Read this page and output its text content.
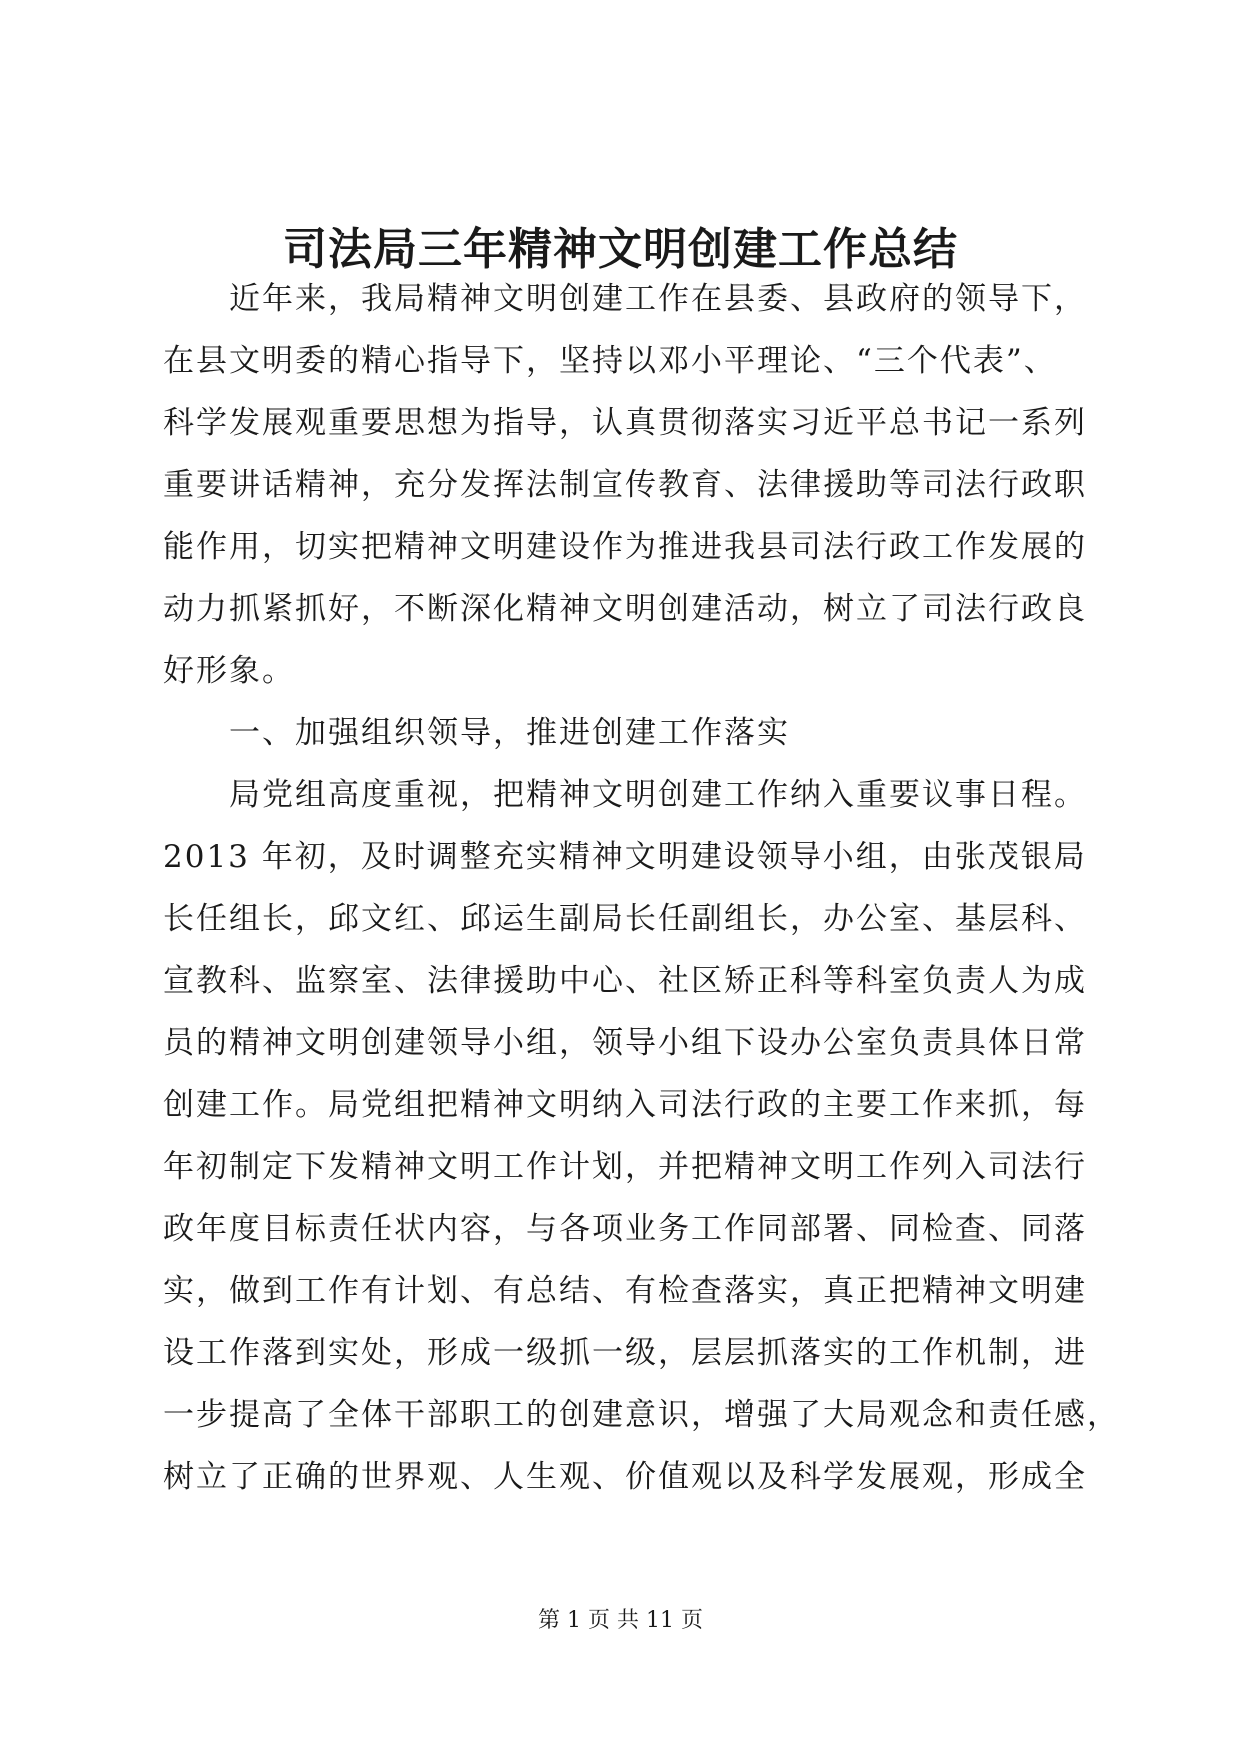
司法局三年精神文明创建工作总结
　　近年来，我局精神文明创建工作在县委、县政府的领导下，
在县文明委的精心指导下，坚持以邓小平理论、“三个代表”、
科学发展观重要思想为指导，认真贯彻落实习近平总书记一系列
重要讲话精神，充分发挥法制宣传教育、法律援助等司法行政职
能作用，切实把精神文明建设作为推进我县司法行政工作发展的
动力抓紧抓好，不断深化精神文明创建活动，树立了司法行政良
好形象。
　　一、加强组织领导，推进创建工作落实
　　局党组高度重视，把精神文明创建工作纳入重要议事日程。
2013 年初，及时调整充实精神文明建设领导小组，由张茂银局
长任组长，邱文红、邱运生副局长任副组长，办公室、基层科、
宣教科、监察室、法律援助中心、社区矫正科等科室负责人为成
员的精神文明创建领导小组，领导小组下设办公室负责具体日常
创建工作。局党组把精神文明纳入司法行政的主要工作来抓，每
年初制定下发精神文明工作计划，并把精神文明工作列入司法行
政年度目标责任状内容，与各项业务工作同部署、同检查、同落
实，做到工作有计划、有总结、有检查落实，真正把精神文明建
设工作落到实处，形成一级抓一级，层层抓落实的工作机制，进
一步提高了全体干部职工的创建意识，增强了大局观念和责任感，
树立了正确的世界观、人生观、价值观以及科学发展观，形成全
第 1 页 共 11 页
